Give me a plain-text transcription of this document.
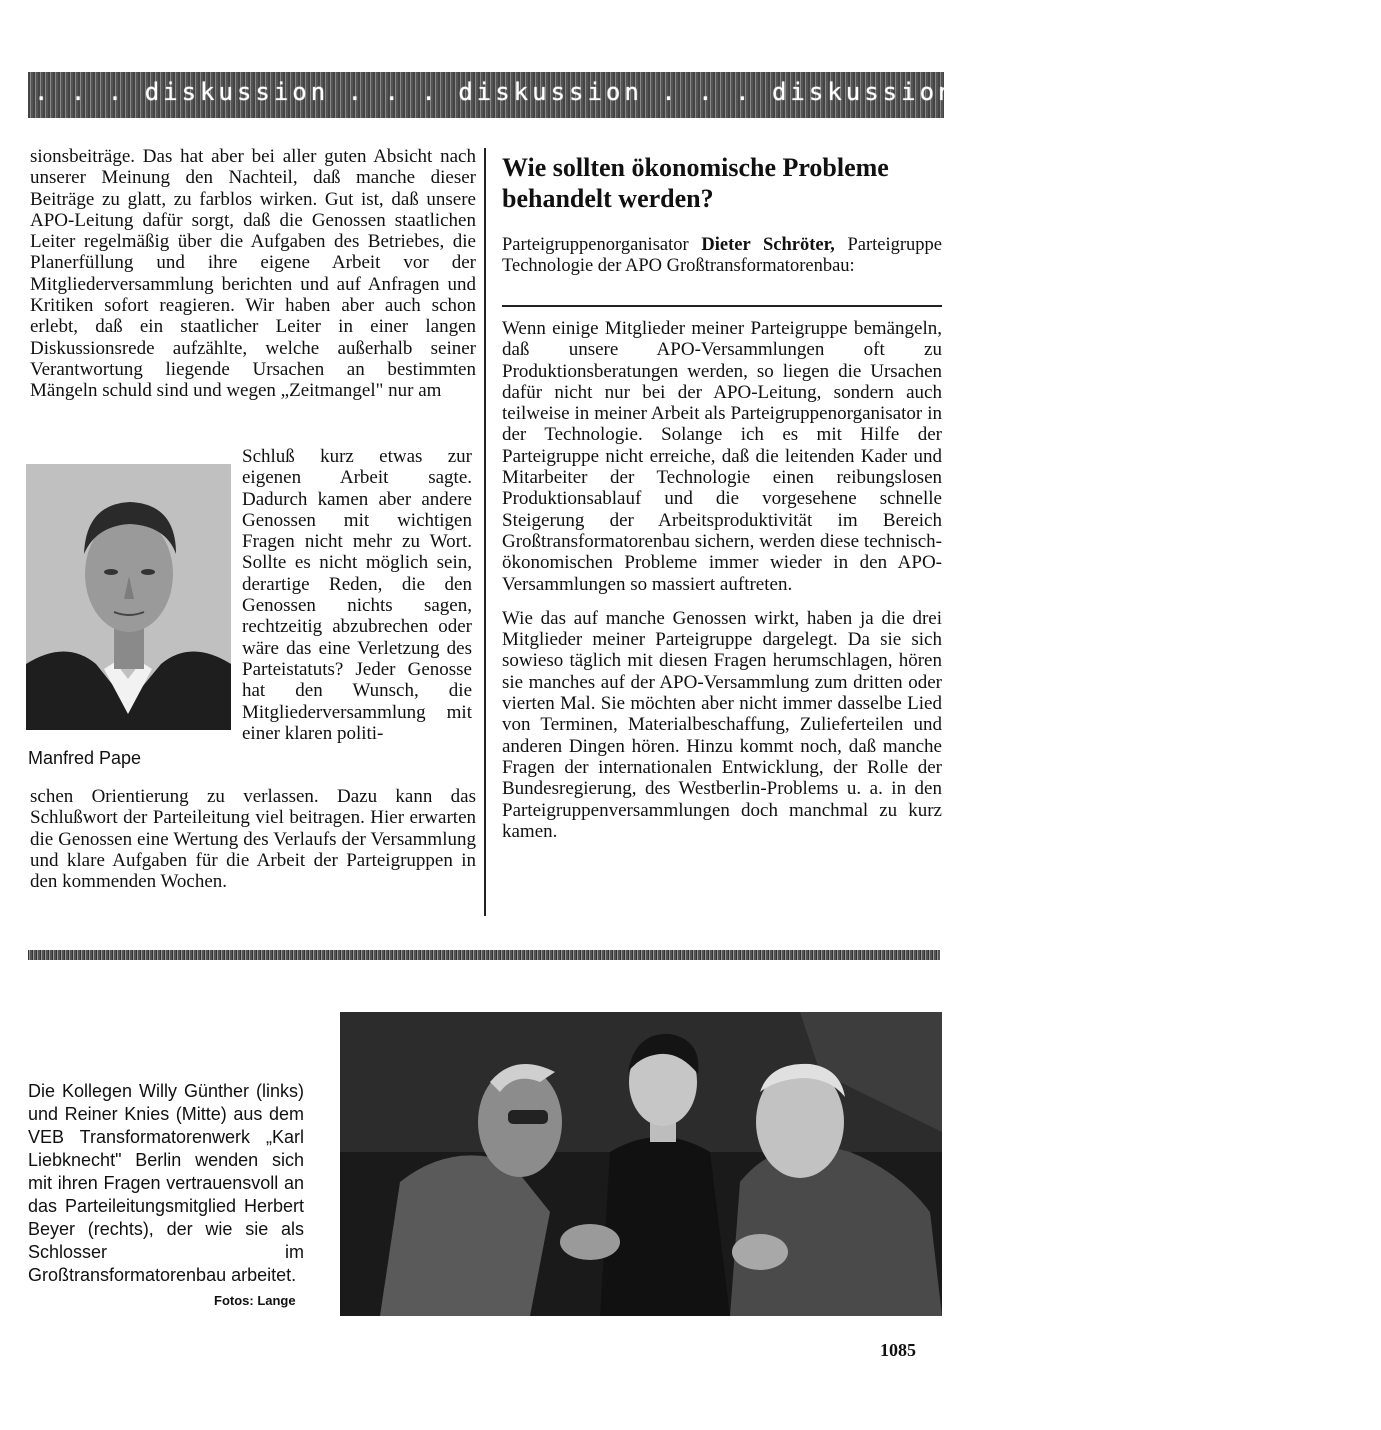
. . . diskussion . . . diskussion . . . diskussion . . . diskussion . . .
sionsbeiträge. Das hat aber bei aller guten Absicht nach unserer Meinung den Nachteil, daß manche dieser Beiträge zu glatt, zu farblos wirken. Gut ist, daß unsere APO-Leitung dafür sorgt, daß die Genossen staatlichen Leiter regelmäßig über die Aufgaben des Betriebes, die Planerfüllung und ihre eigene Arbeit vor der Mitgliederversammlung berichten und auf Anfragen und Kritiken sofort reagieren. Wir haben aber auch schon erlebt, daß ein staatlicher Leiter in einer langen Diskussionsrede aufzählte, welche außerhalb seiner Verantwortung liegende Ursachen an bestimmten Mängeln schuld sind und wegen „Zeitmangel" nur am
Schluß kurz etwas zur eigenen Arbeit sagte. Dadurch kamen aber andere Genossen mit wichtigen Fragen nicht mehr zu Wort. Sollte es nicht möglich sein, derartige Reden, die den Genossen nichts sagen, rechtzeitig abzubrechen oder wäre das eine Verletzung des Parteistatuts? Jeder Genosse hat den Wunsch, die Mitgliederversammlung mit einer klaren politi-
Manfred Pape
schen Orientierung zu verlassen. Dazu kann das Schlußwort der Parteileitung viel beitragen. Hier erwarten die Genossen eine Wertung des Verlaufs der Versammlung und klare Aufgaben für die Arbeit der Parteigruppen in den kommenden Wochen.
Wie sollten ökonomische Probleme behandelt werden?
Parteigruppenorganisator Dieter Schröter, Parteigruppe Technologie der APO Großtransformatorenbau:

Wenn einige Mitglieder meiner Parteigruppe bemängeln, daß unsere APO-Versammlungen oft zu Produktionsberatungen werden, so liegen die Ursachen dafür nicht nur bei der APO-Leitung, sondern auch teilweise in meiner Arbeit als Parteigruppenorganisator in der Technologie. Solange ich es mit Hilfe der Parteigruppe nicht erreiche, daß die leitenden Kader und Mitarbeiter der Technologie einen reibungslosen Produktionsablauf und die vorgesehene schnelle Steigerung der Arbeitsproduktivität im Bereich Großtransformatorenbau sichern, werden diese technisch-ökonomischen Probleme immer wieder in den APO-Versammlungen so massiert auftreten.

Wie das auf manche Genossen wirkt, haben ja die drei Mitglieder meiner Parteigruppe dargelegt. Da sie sich sowieso täglich mit diesen Fragen herumschlagen, hören sie manches auf der APO-Versammlung zum dritten oder vierten Mal. Sie möchten aber nicht immer dasselbe Lied von Terminen, Materialbeschaffung, Zulieferteilen und anderen Dingen hören. Hinzu kommt noch, daß manche Fragen der internationalen Entwicklung, der Rolle der Bundesregierung, des Westberlin-Problems u. a. in den Parteigruppenversammlungen doch manchmal zu kurz kamen.

Die Kollegen Willy Günther (links) und Reiner Knies (Mitte) aus dem VEB Transformatorenwerk „Karl Liebknecht" Berlin wenden sich mit ihren Fragen vertrauensvoll an das Parteileitungsmitglied Herbert Beyer (rechts), der wie sie als Schlosser im Großtransformatorenbau arbeitet.
Fotos: Lange
1085
